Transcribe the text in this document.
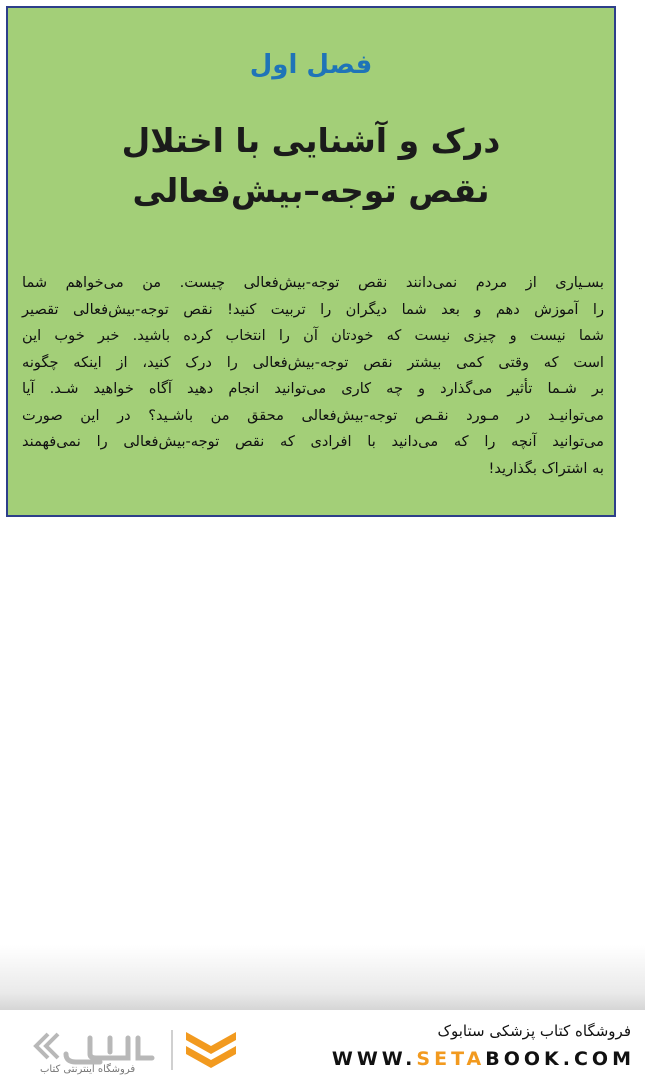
فصل اول
درک و آشنایی با اختلال
نقص توجه–بیش‌فعالی
بسـیاری از مردم نمی‌دانند نقص توجه-بیش‌فعالی چیست. من می‌خواهم شما
را آموزش دهم و بعد شما دیگران را تربیت کنید! نقص توجه-بیش‌فعالی تقصیر
شما نیست و چیزی نیست که خودتان آن را انتخاب کرده باشید. خبر خوب این
است که وقتی کمی بیشتر نقص توجه-بیش‌فعالی را درک کنید، از اینکه چگونه
بر شـما تأثیر می‌گذارد و چه کاری می‌توانید انجام دهید آگاه خواهید شـد. آیا
می‌توانیـد در مـورد نقـص توجه-بیش‌فعالی محقق من باشـید؟ در این صورت
می‌توانید آنچه را که می‌دانید با افرادی که نقص توجه-بیش‌فعالی را نمی‌فهمند
به اشتراک بگذارید!
فروشگاه اینترنتی کتاب
فروشگاه کتاب پزشکی ستابوک
WWW.SETABOOK.COM
